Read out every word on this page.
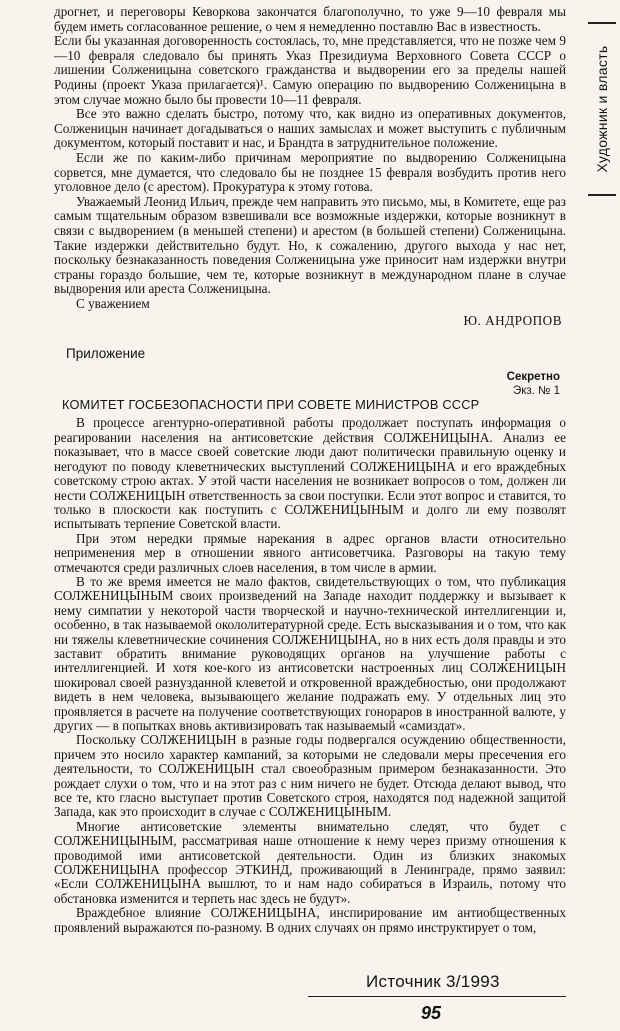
Художник и власть

дрогнет, и переговоры Кеворкова закончатся благополучно, то уже 9—10 февраля мы будем иметь согласованное решение, о чем я немедленно поставлю Вас в известность.

Если бы указанная договоренность состоялась, то, мне представляется, что не позже чем 9—10 февраля следовало бы принять Указ Президиума Верховного Совета СССР о лишении Солженицына советского гражданства и выдворении его за пределы нашей Родины (проект Указа прилагается)¹. Самую операцию по выдворению Солженицына в этом случае можно было бы провести 10—11 февраля.

Все это важно сделать быстро, потому что, как видно из оперативных документов, Солженицын начинает догадываться о наших замыслах и может выступить с публичным документом, который поставит и нас, и Брандта в затруднительное положение.

Если же по каким-либо причинам мероприятие по выдворению Солженицына сорвется, мне думается, что следовало бы не позднее 15 февраля возбудить против него уголовное дело (с арестом). Прокуратура к этому готова.

Уважаемый Леонид Ильич, прежде чем направить это письмо, мы, в Комитете, еще раз самым тщательным образом взвешивали все возможные издержки, которые возникнут в связи с выдворением (в меньшей степени) и арестом (в большей степени) Солженицына. Такие издержки действительно будут. Но, к сожалению, другого выхода у нас нет, поскольку безнаказанность поведения Солженицына уже приносит нам издержки внутри страны гораздо большие, чем те, которые возникнут в международном плане в случае выдворения или ареста Солженицына.

С уважением

Ю. АНДРОПОВ

Приложение
Секретно
Экз. № 1
КОМИТЕТ ГОСБЕЗОПАСНОСТИ ПРИ СОВЕТЕ МИНИСТРОВ СССР

В процессе агентурно-оперативной работы продолжает поступать информация о реагировании населения на антисоветские действия СОЛЖЕНИЦЫНА. Анализ ее показывает, что в массе своей советские люди дают политически правильную оценку и негодуют по поводу клеветнических выступлений СОЛЖЕНИЦЫНА и его враждебных советскому строю актах. У этой части населения не возникает вопросов о том, должен ли нести СОЛЖЕНИЦЫН ответственность за свои поступки. Если этот вопрос и ставится, то только в плоскости как поступить с СОЛЖЕНИЦЫНЫМ и долго ли ему позволят испытывать терпение Советской власти.

При этом нередки прямые нарекания в адрес органов власти относительно неприменения мер в отношении явного антисоветчика. Разговоры на такую тему отмечаются среди различных слоев населения, в том числе в армии.

В то же время имеется не мало фактов, свидетельствующих о том, что публикация СОЛЖЕНИЦЫНЫМ своих произведений на Западе находит поддержку и вызывает к нему симпатии у некоторой части творческой и научно-технической интеллигенции и, особенно, в так называемой окололитературной среде. Есть высказывания и о том, что как ни тяжелы клеветнические сочинения СОЛЖЕНИЦЫНА, но в них есть доля правды и это заставит обратить внимание руководящих органов на улучшение работы с интеллигенцией. И хотя кое-кого из антисоветски настроенных лиц СОЛЖЕНИЦЫН шокировал своей разнузданной клеветой и откровенной враждебностью, они продолжают видеть в нем человека, вызывающего желание подражать ему. У отдельных лиц это проявляется в расчете на получение соответствующих гонораров в иностранной валюте, у других — в попытках вновь активизировать так называемый «самиздат».

Поскольку СОЛЖЕНИЦЫН в разные годы подвергался осуждению общественности, причем это носило характер кампаний, за которыми не следовали меры пресечения его деятельности, то СОЛЖЕНИЦЫН стал своеобразным примером безнаказанности. Это рождает слухи о том, что и на этот раз с ним ничего не будет. Отсюда делают вывод, что все те, кто гласно выступает против Советского строя, находятся под надежной защитой Запада, как это происходит в случае с СОЛЖЕНИЦЫНЫМ.

Многие антисоветские элементы внимательно следят, что будет с СОЛЖЕНИЦЫНЫМ, рассматривая наше отношение к нему через призму отношения к проводимой ими антисоветской деятельности. Один из близких знакомых СОЛЖЕНИЦЫНА профессор ЭТКИНД, проживающий в Ленинграде, прямо заявил: «Если СОЛЖЕНИЦЫНА вышлют, то и нам надо собираться в Израиль, потому что обстановка изменится и терпеть нас здесь не будут».

Враждебное влияние СОЛЖЕНИЦЫНА, инспирирование им антиобщественных проявлений выражаются по-разному. В одних случаях он прямо инструктирует о том,

Источник 3/1993
95
